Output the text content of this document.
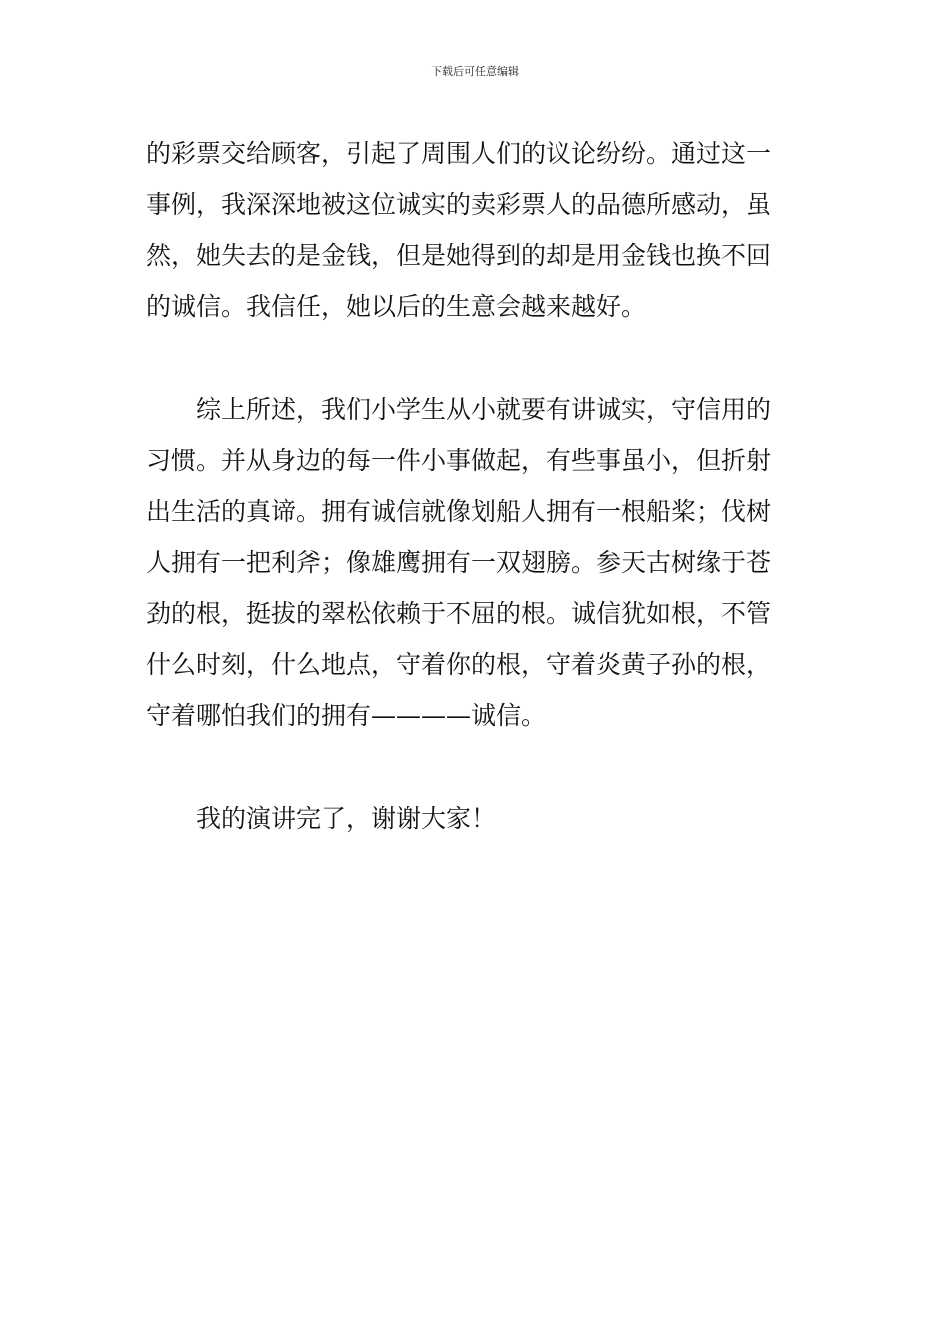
下载后可任意编辑

的彩票交给顾客，引起了周围人们的议论纷纷。通过这一
事例，我深深地被这位诚实的卖彩票人的品德所感动，虽
然，她失去的是金钱，但是她得到的却是用金钱也换不回
的诚信。我信任，她以后的生意会越来越好。

综上所述，我们小学生从小就要有讲诚实，守信用的
习惯。并从身边的每一件小事做起，有些事虽小，但折射
出生活的真谛。拥有诚信就像划船人拥有一根船桨；伐树
人拥有一把利斧；像雄鹰拥有一双翅膀。参天古树缘于苍
劲的根，挺拔的翠松依赖于不屈的根。诚信犹如根，不管
什么时刻，什么地点，守着你的根，守着炎黄子孙的根，
守着哪怕我们的拥有————诚信。

我的演讲完了，谢谢大家！
